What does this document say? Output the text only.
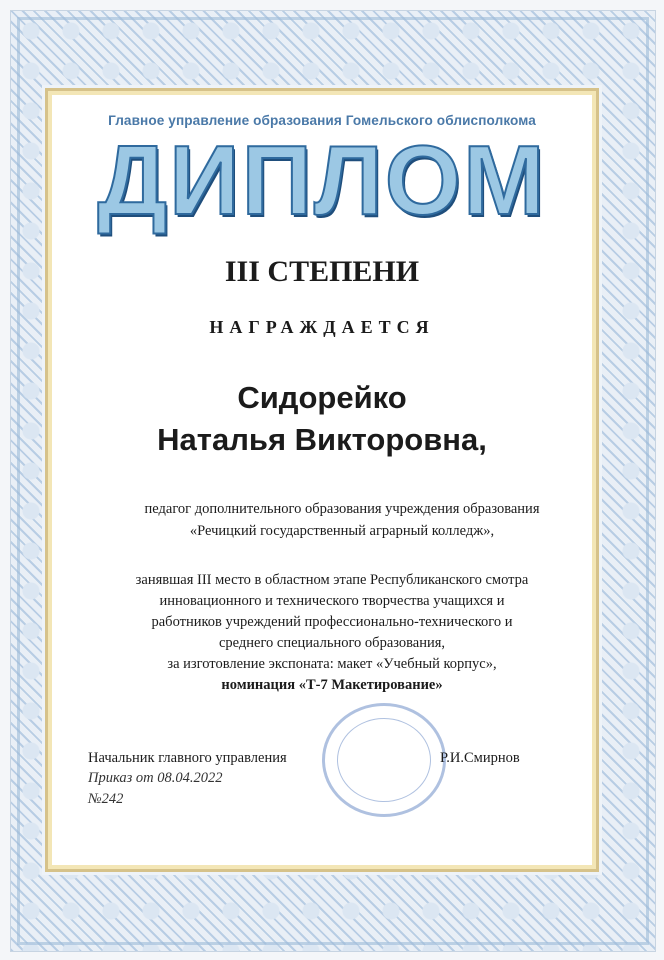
Главное управление образования Гомельского облисполкома
ДИПЛОМ
III СТЕПЕНИ
НАГРАЖДАЕТСЯ
Сидорейко
Наталья Викторовна,
педагог дополнительного образования учреждения образования
«Речицкий государственный аграрный колледж»,
занявшая III место в областном этапе Республиканского смотра
инновационного и технического творчества учащихся и
работников учреждений профессионально-технического и
среднего специального образования,
за изготовление экспоната: макет «Учебный корпус»,
номинация «Т-7 Макетирование»
Начальник главного управления	Р.И.Смирнов
Приказ от 08.04.2022
№242
